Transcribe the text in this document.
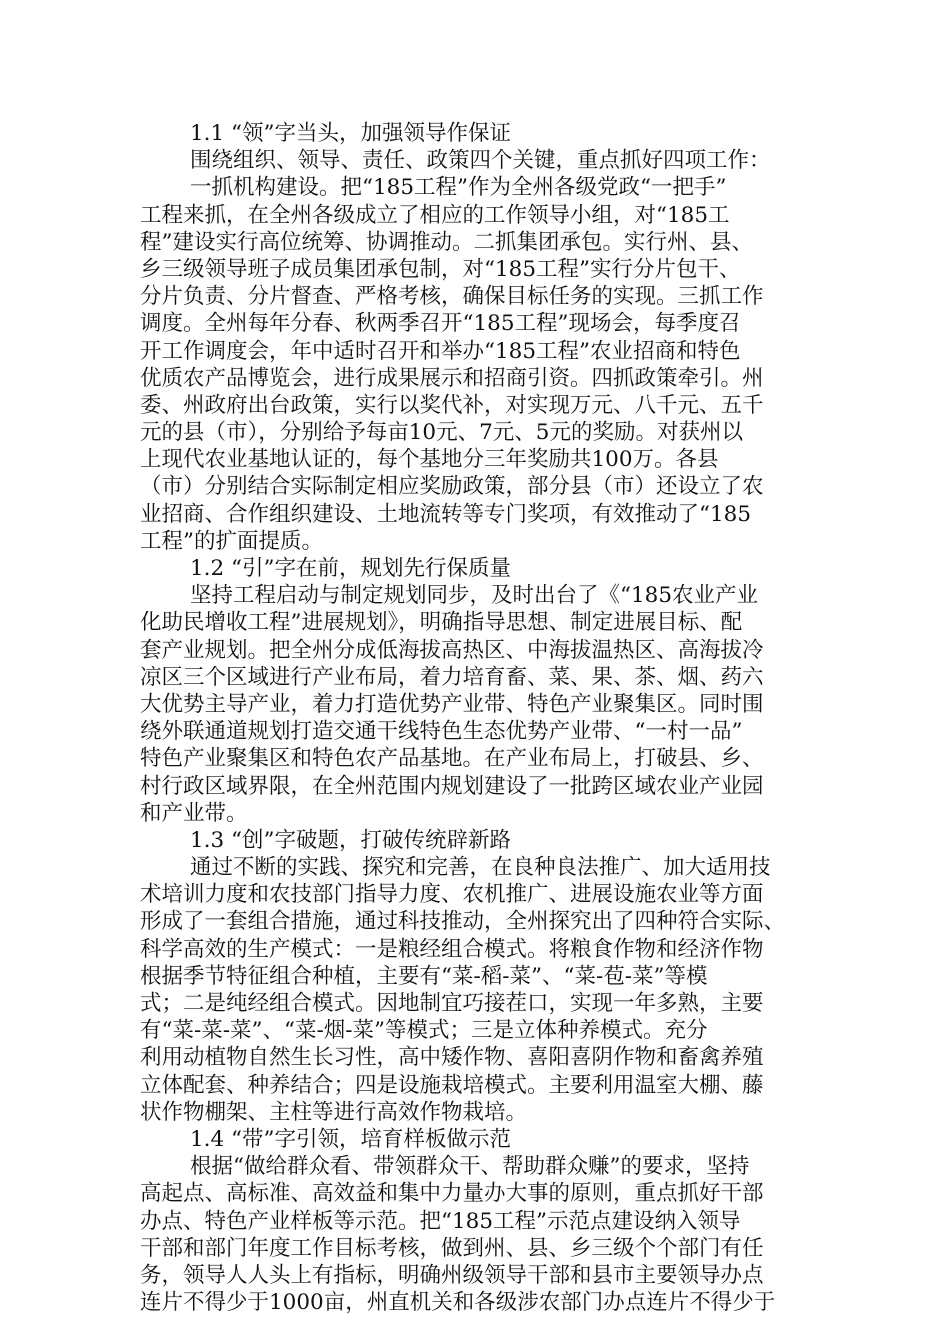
1.1 “领”字当头，加强领导作保证
围绕组织、领导、责任、政策四个关键，重点抓好四项工作：
一抓机构建设。把“185工程”作为全州各级党政“一把手”
工程来抓，在全州各级成立了相应的工作领导小组，对“185工
程”建设实行高位统筹、协调推动。二抓集团承包。实行州、县、
乡三级领导班子成员集团承包制，对“185工程”实行分片包干、
分片负责、分片督查、严格考核，确保目标任务的实现。三抓工作
调度。全州每年分春、秋两季召开“185工程”现场会，每季度召
开工作调度会，年中适时召开和举办“185工程”农业招商和特色
优质农产品博览会，进行成果展示和招商引资。四抓政策牵引。州
委、州政府出台政策，实行以奖代补，对实现万元、八千元、五千
元的县（市），分别给予每亩10元、7元、5元的奖励。对获州以
上现代农业基地认证的，每个基地分三年奖励共100万。各县
（市）分别结合实际制定相应奖励政策，部分县（市）还设立了农
业招商、合作组织建设、土地流转等专门奖项，有效推动了“185
工程”的扩面提质。
1.2 “引”字在前，规划先行保质量
坚持工程启动与制定规划同步，及时出台了《“185农业产业
化助民增收工程”进展规划》，明确指导思想、制定进展目标、配
套产业规划。把全州分成低海拔高热区、中海拔温热区、高海拔冷
凉区三个区域进行产业布局，着力培育畜、菜、果、茶、烟、药六
大优势主导产业，着力打造优势产业带、特色产业聚集区。同时围
绕外联通道规划打造交通干线特色生态优势产业带、“一村一品”
特色产业聚集区和特色农产品基地。在产业布局上，打破县、乡、
村行政区域界限，在全州范围内规划建设了一批跨区域农业产业园
和产业带。
1.3 “创”字破题，打破传统辟新路
通过不断的实践、探究和完善，在良种良法推广、加大适用技
术培训力度和农技部门指导力度、农机推广、进展设施农业等方面
形成了一套组合措施，通过科技推动，全州探究出了四种符合实际、
科学高效的生产模式：一是粮经组合模式。将粮食作物和经济作物
根据季节特征组合种植，主要有“菜-稻-菜”、“菜-苞-菜”等模
式；二是纯经组合模式。因地制宜巧接茬口，实现一年多熟，主要
有“菜-菜-菜”、“菜-烟-菜”等模式；三是立体种养模式。充分
利用动植物自然生长习性，高中矮作物、喜阳喜阴作物和畜禽养殖
立体配套、种养结合；四是设施栽培模式。主要利用温室大棚、藤
状作物棚架、主柱等进行高效作物栽培。
1.4 “带”字引领，培育样板做示范
根据“做给群众看、带领群众干、帮助群众赚”的要求，坚持
高起点、高标准、高效益和集中力量办大事的原则，重点抓好干部
办点、特色产业样板等示范。把“185工程”示范点建设纳入领导
干部和部门年度工作目标考核，做到州、县、乡三级个个部门有任
务，领导人人头上有指标，明确州级领导干部和县市主要领导办点
连片不得少于1000亩，州直机关和各级涉农部门办点连片不得少于
